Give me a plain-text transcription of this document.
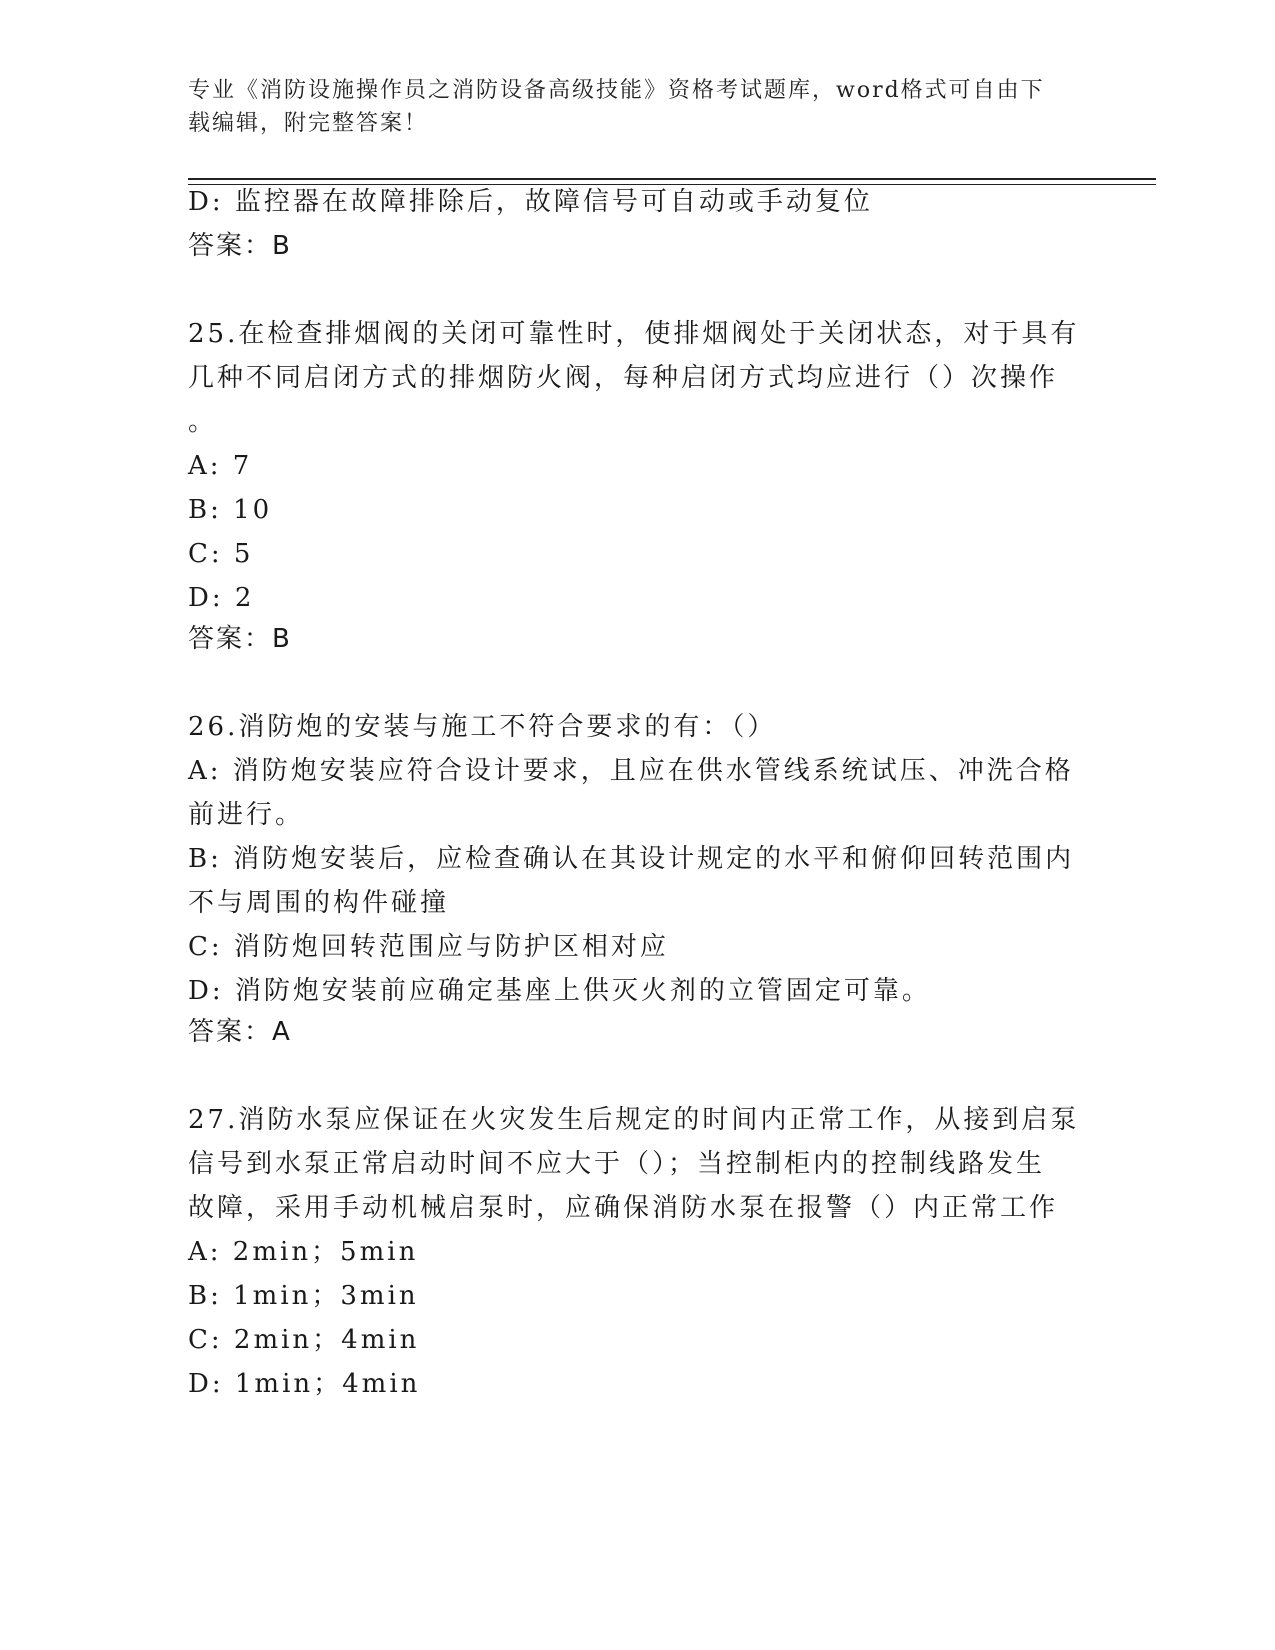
专业《消防设施操作员之消防设备高级技能》资格考试题库，word格式可自由下
载编辑，附完整答案！
D: 监控器在故障排除后，故障信号可自动或手动复位
答案：B
25.在检查排烟阀的关闭可靠性时，使排烟阀处于关闭状态，对于具有
几种不同启闭方式的排烟防火阀，每种启闭方式均应进行（）次操作
。
A: 7
B: 10
C: 5
D: 2
答案：B
26.消防炮的安装与施工不符合要求的有：（）
A: 消防炮安装应符合设计要求，且应在供水管线系统试压、冲洗合格
前进行。
B: 消防炮安装后，应检查确认在其设计规定的水平和俯仰回转范围内
不与周围的构件碰撞
C: 消防炮回转范围应与防护区相对应
D: 消防炮安装前应确定基座上供灭火剂的立管固定可靠。
答案：A
27.消防水泵应保证在火灾发生后规定的时间内正常工作，从接到启泵
信号到水泵正常启动时间不应大于（）；当控制柜内的控制线路发生
故障，采用手动机械启泵时，应确保消防水泵在报警（）内正常工作
A: 2min；5min
B: 1min；3min
C: 2min；4min
D: 1min；4min
